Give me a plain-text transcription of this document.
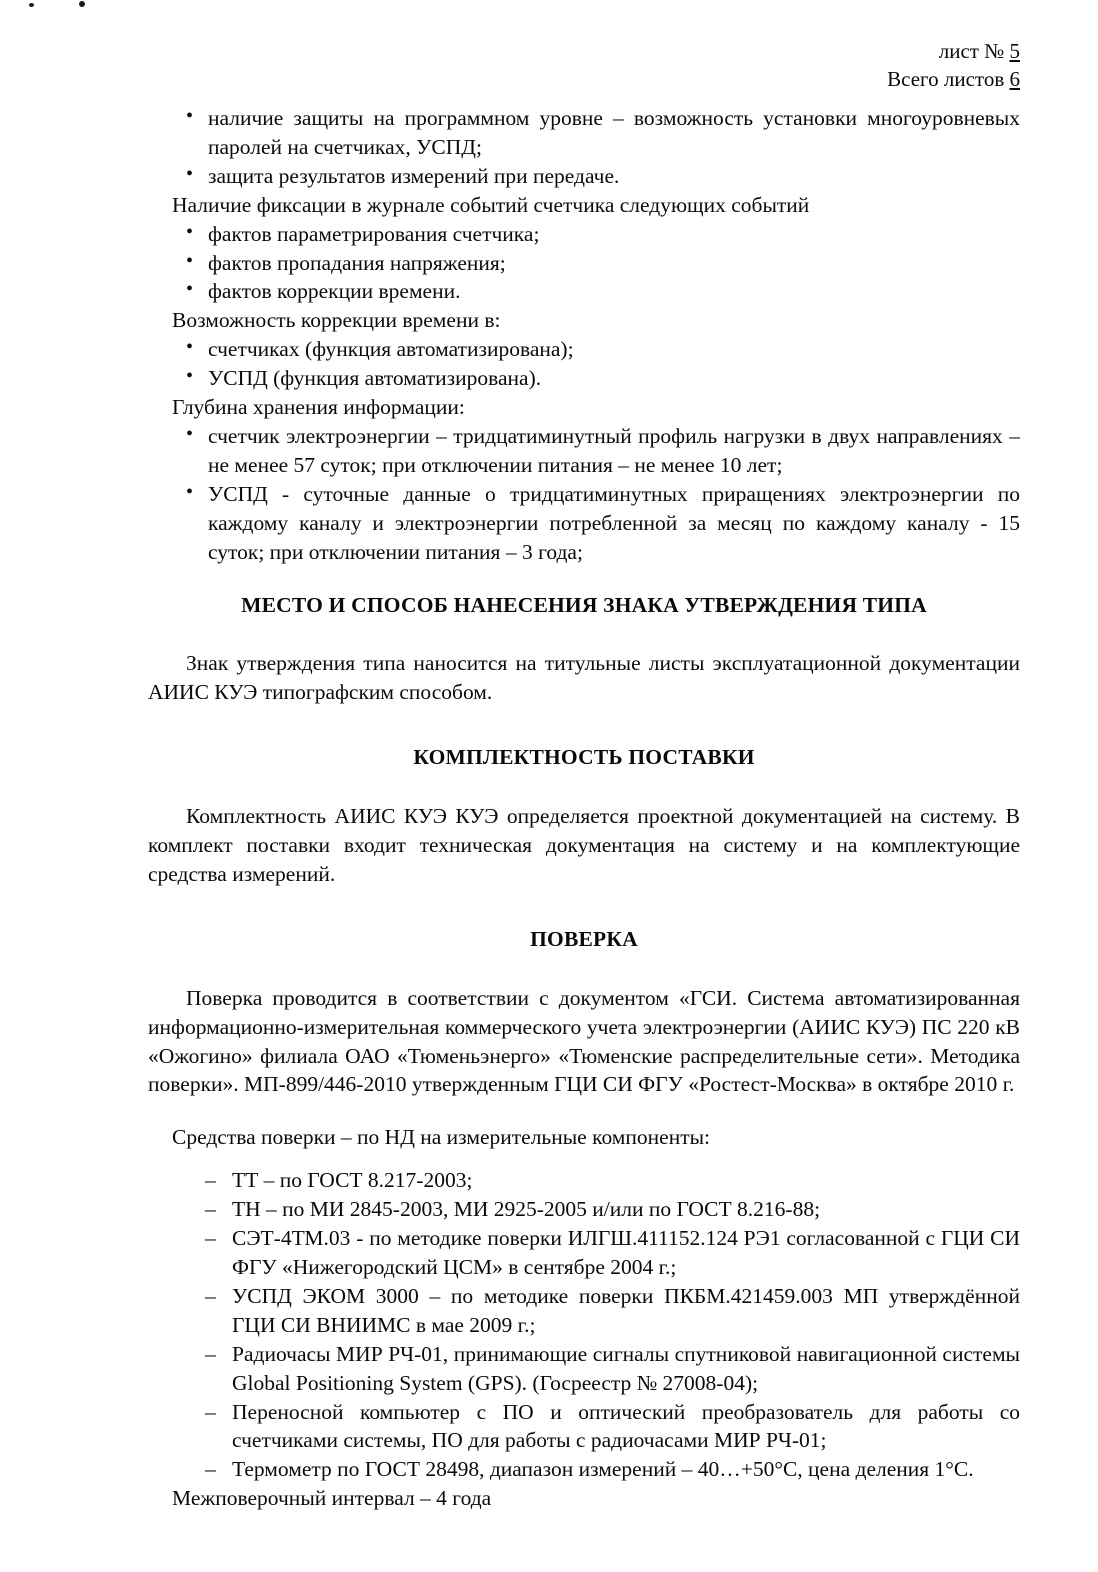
лист № 5
Всего листов 6
• наличие защиты на программном уровне – возможность установки многоуровневых паролей на счетчиках, УСПД;
• защита результатов измерений при передаче.

Наличие фиксации в журнале событий счетчика следующих событий

• фактов параметрирования счетчика;
• фактов пропадания напряжения;
• фактов коррекции времени.

Возможность коррекции времени в:

• счетчиках (функция автоматизирована);
• УСПД (функция автоматизирована).

Глубина хранения информации:

• счетчик электроэнергии – тридцатиминутный профиль нагрузки в двух направлениях – не менее 57 суток; при отключении питания – не менее 10 лет;
• УСПД - суточные данные о тридцатиминутных приращениях электроэнергии по каждому каналу и электроэнергии потребленной за месяц по каждому каналу - 15 суток; при отключении питания – 3 года;

МЕСТО И СПОСОБ НАНЕСЕНИЯ ЗНАКА УТВЕРЖДЕНИЯ ТИПА

Знак утверждения типа наносится на титульные листы эксплуатационной документации АИИС КУЭ типографским способом.

КОМПЛЕКТНОСТЬ ПОСТАВКИ

Комплектность АИИС КУЭ КУЭ определяется проектной документацией на систему. В комплект поставки входит техническая документация на систему и на комплектующие средства измерений.

ПОВЕРКА

Поверка проводится в соответствии с документом «ГСИ. Система автоматизированная информационно-измерительная коммерческого учета электроэнергии (АИИС КУЭ) ПС 220 кВ «Ожогино» филиала ОАО «Тюменьэнерго» «Тюменские распределительные сети». Методика поверки». МП-899/446-2010 утвержденным ГЦИ СИ ФГУ «Ростест-Москва» в октябре 2010 г.

Средства поверки – по НД на измерительные компоненты:

– ТТ – по ГОСТ 8.217-2003;
– ТН – по МИ 2845-2003, МИ 2925-2005 и/или по ГОСТ 8.216-88;
– СЭТ-4ТМ.03 - по методике поверки ИЛГШ.411152.124 РЭ1 согласованной с ГЦИ СИ ФГУ «Нижегородский ЦСМ» в сентябре 2004 г.;
– УСПД ЭКОМ 3000 – по методике поверки ПКБМ.421459.003 МП утверждённой ГЦИ СИ ВНИИМС в мае 2009 г.;
– Радиочасы МИР РЧ-01, принимающие сигналы спутниковой навигационной системы Global Positioning System (GPS). (Госреестр № 27008-04);
– Переносной компьютер с ПО и оптический преобразователь для работы со счетчиками системы, ПО для работы с радиочасами МИР РЧ-01;
– Термометр по ГОСТ 28498, диапазон измерений – 40…+50°С, цена деления 1°С.

Межповерочный интервал – 4 года
